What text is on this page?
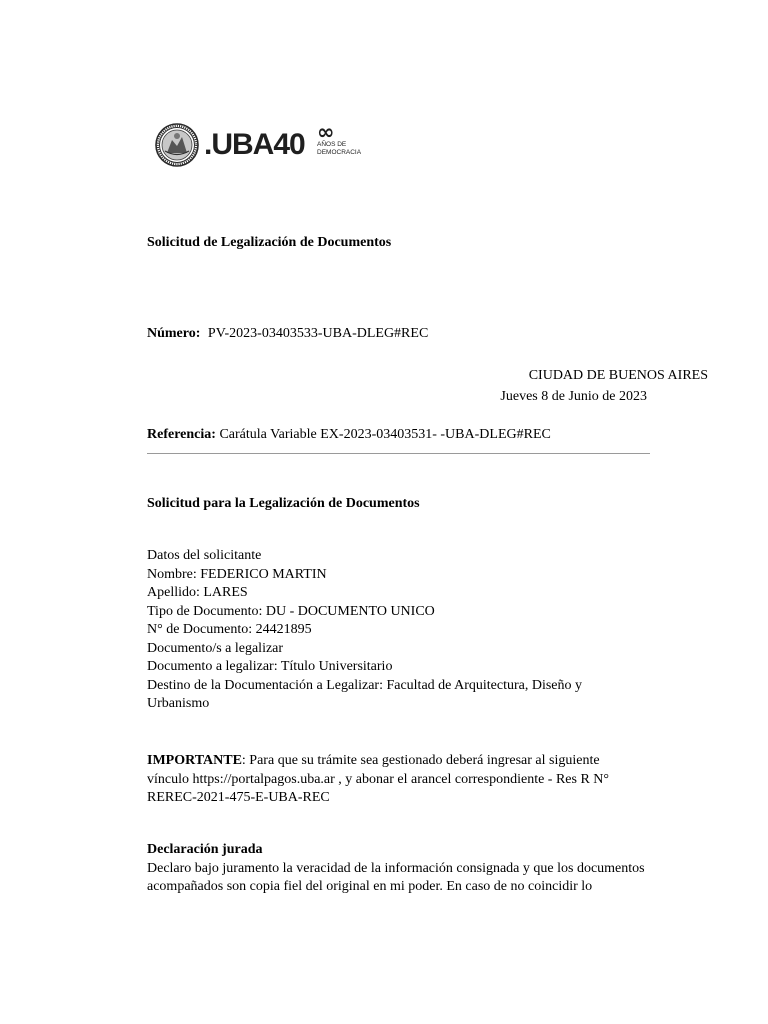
.UBA40 ∞
AÑOS DE
DEMOCRACIA
Solicitud de Legalización de Documentos
Número: PV-2023-03403533-UBA-DLEG#REC
CIUDAD DE BUENOS AIRES
Jueves 8 de Junio de 2023
Referencia: Carátula Variable EX-2023-03403531- -UBA-DLEG#REC
Solicitud para la Legalización de Documentos
Datos del solicitante
Nombre: FEDERICO MARTIN
Apellido: LARES
Tipo de Documento: DU - DOCUMENTO UNICO
N° de Documento: 24421895
Documento/s a legalizar
Documento a legalizar: Título Universitario
Destino de la Documentación a Legalizar: Facultad de Arquitectura, Diseño y Urbanismo
IMPORTANTE: Para que su trámite sea gestionado deberá ingresar al siguiente vínculo https://portalpagos.uba.ar , y abonar el arancel correspondiente - Res R N° REREC-2021-475-E-UBA-REC
Declaración jurada
Declaro bajo juramento la veracidad de la información consignada y que los documentos acompañados son copia fiel del original en mi poder. En caso de no coincidir lo
